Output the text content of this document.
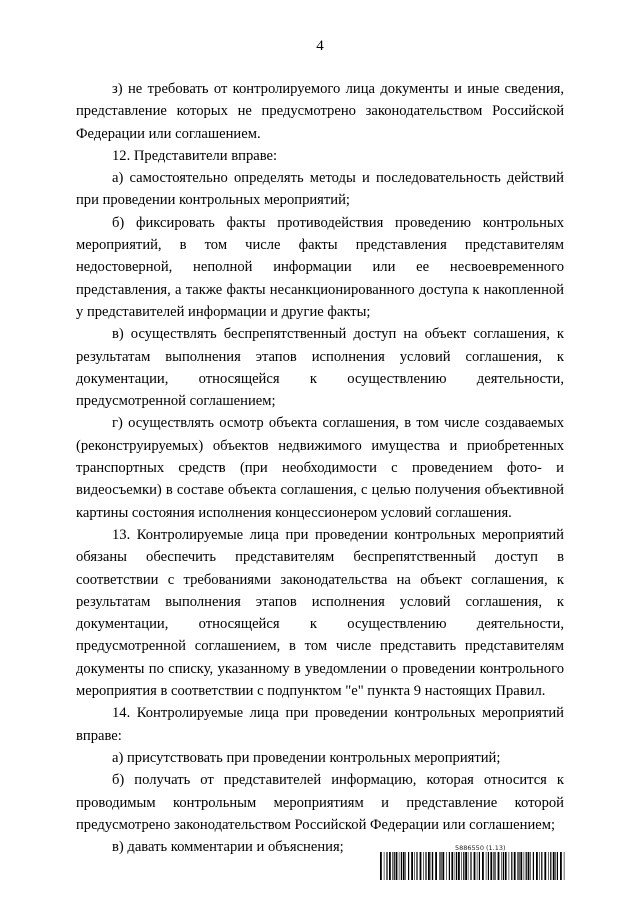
4

з) не требовать от контролируемого лица документы и иные сведения, представление которых не предусмотрено законодательством Российской Федерации или соглашением.

12. Представители вправе:

а) самостоятельно определять методы и последовательность действий при проведении контрольных мероприятий;

б) фиксировать факты противодействия проведению контрольных мероприятий, в том числе факты представления представителям недостоверной, неполной информации или ее несвоевременного представления, а также факты несанкционированного доступа к накопленной у представителей информации и другие факты;

в) осуществлять беспрепятственный доступ на объект соглашения, к результатам выполнения этапов исполнения условий соглашения, к документации, относящейся к осуществлению деятельности, предусмотренной соглашением;

г) осуществлять осмотр объекта соглашения, в том числе создаваемых (реконструируемых) объектов недвижимого имущества и приобретенных транспортных средств (при необходимости с проведением фото- и видеосъемки) в составе объекта соглашения, с целью получения объективной картины состояния исполнения концессионером условий соглашения.

13. Контролируемые лица при проведении контрольных мероприятий обязаны обеспечить представителям беспрепятственный доступ в соответствии с требованиями законодательства на объект соглашения, к результатам выполнения этапов исполнения условий соглашения, к документации, относящейся к осуществлению деятельности, предусмотренной соглашением, в том числе представить представителям документы по списку, указанному в уведомлении о проведении контрольного мероприятия в соответствии с подпунктом "е" пункта 9 настоящих Правил.

14. Контролируемые лица при проведении контрольных мероприятий вправе:

а) присутствовать при проведении контрольных мероприятий;

б) получать от представителей информацию, которая относится к проводимым контрольным мероприятиям и представление которой предусмотрено законодательством Российской Федерации или соглашением;

в) давать комментарии и объяснения;	5886550 (1.13)
